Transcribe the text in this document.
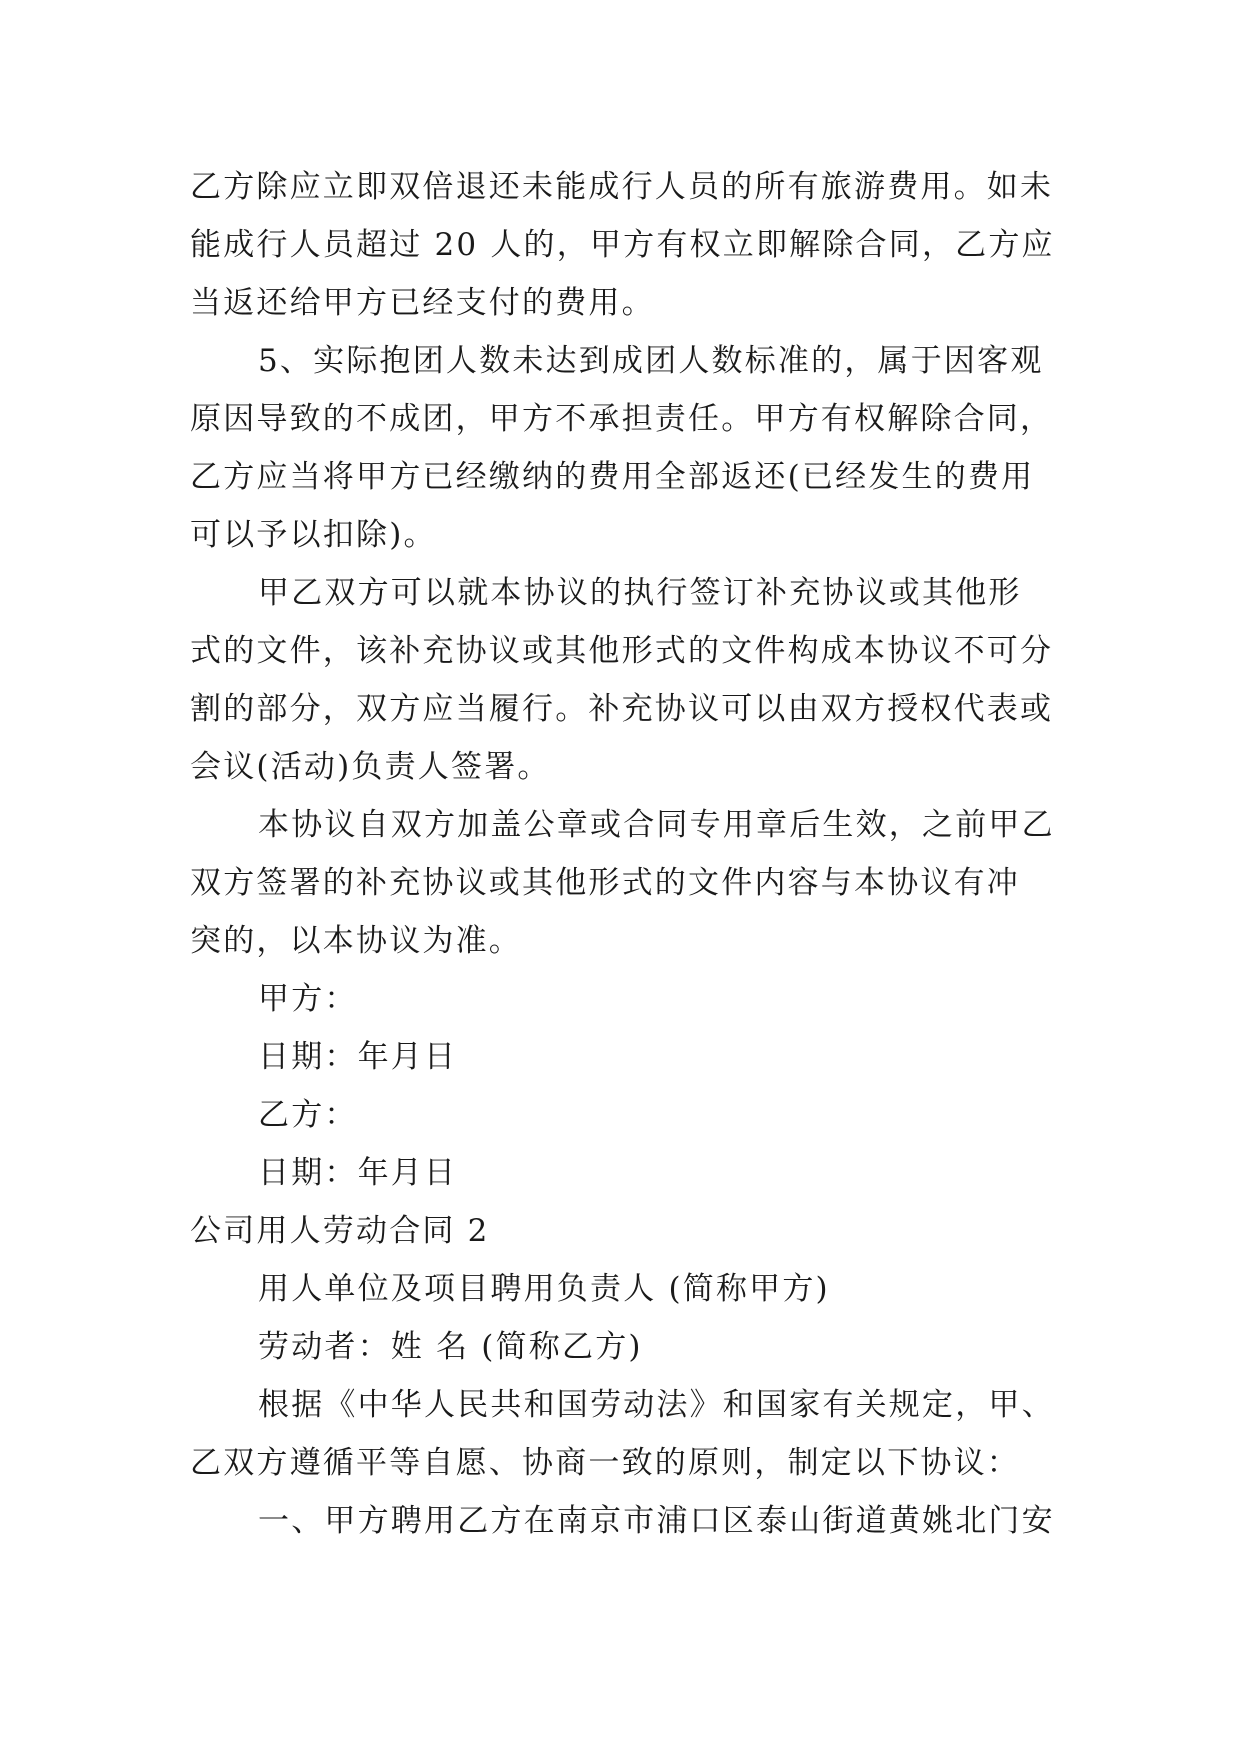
乙方除应立即双倍退还未能成行人员的所有旅游费用。如未
能成行人员超过 20 人的，甲方有权立即解除合同，乙方应
当返还给甲方已经支付的费用。
5、实际抱团人数未达到成团人数标准的，属于因客观
原因导致的不成团，甲方不承担责任。甲方有权解除合同，
乙方应当将甲方已经缴纳的费用全部返还(已经发生的费用
可以予以扣除)。
甲乙双方可以就本协议的执行签订补充协议或其他形
式的文件，该补充协议或其他形式的文件构成本协议不可分
割的部分，双方应当履行。补充协议可以由双方授权代表或
会议(活动)负责人签署。
本协议自双方加盖公章或合同专用章后生效，之前甲乙
双方签署的补充协议或其他形式的文件内容与本协议有冲
突的，以本协议为准。
甲方：
日期：年月日
乙方：
日期：年月日
公司用人劳动合同 2
用人单位及项目聘用负责人 (简称甲方)
劳动者：姓 名 (简称乙方)
根据《中华人民共和国劳动法》和国家有关规定，甲、
乙双方遵循平等自愿、协商一致的原则，制定以下协议：
一、甲方聘用乙方在南京市浦口区泰山街道黄姚北门安
